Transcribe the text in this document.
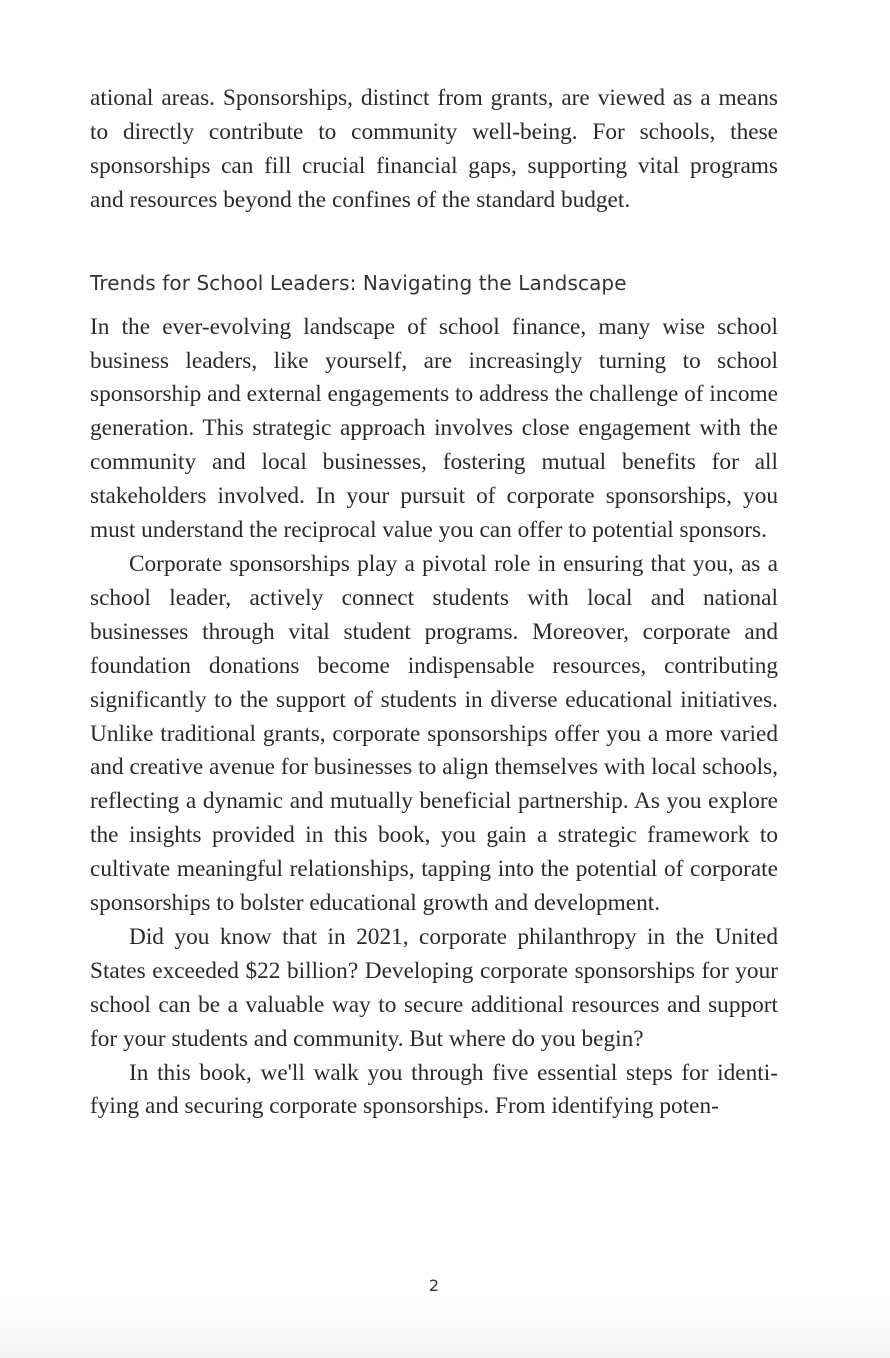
ational areas. Sponsorships, distinct from grants, are viewed as a means to directly contribute to community well-being. For schools, these sponsorships can fill crucial financial gaps, supporting vital programs and resources beyond the confines of the standard budget.

Trends for School Leaders: Navigating the Landscape

In the ever-evolving landscape of school finance, many wise school business leaders, like yourself, are increasingly turning to school sponsorship and external engagements to address the challenge of income generation. This strategic approach involves close engagement with the community and local businesses, fostering mutual benefits for all stakeholders involved. In your pursuit of corporate sponsorships, you must understand the reciprocal value you can offer to potential sponsors.

Corporate sponsorships play a pivotal role in ensuring that you, as a school leader, actively connect students with local and national businesses through vital student programs. Moreover, corporate and foundation donations become indispensable resources, contributing significantly to the support of students in diverse educational initiatives. Unlike traditional grants, corporate sponsorships offer you a more varied and creative avenue for businesses to align themselves with local schools, reflecting a dynamic and mutually beneficial partnership. As you explore the insights provided in this book, you gain a strategic framework to cultivate meaningful relationships, tapping into the potential of corporate sponsorships to bolster educational growth and development.

Did you know that in 2021, corporate philanthropy in the United States exceeded $22 billion? Developing corporate sponsorships for your school can be a valuable way to secure additional resources and support for your students and community. But where do you begin?

In this book, we'll walk you through five essential steps for identifying and securing corporate sponsorships. From identifying poten-

2
